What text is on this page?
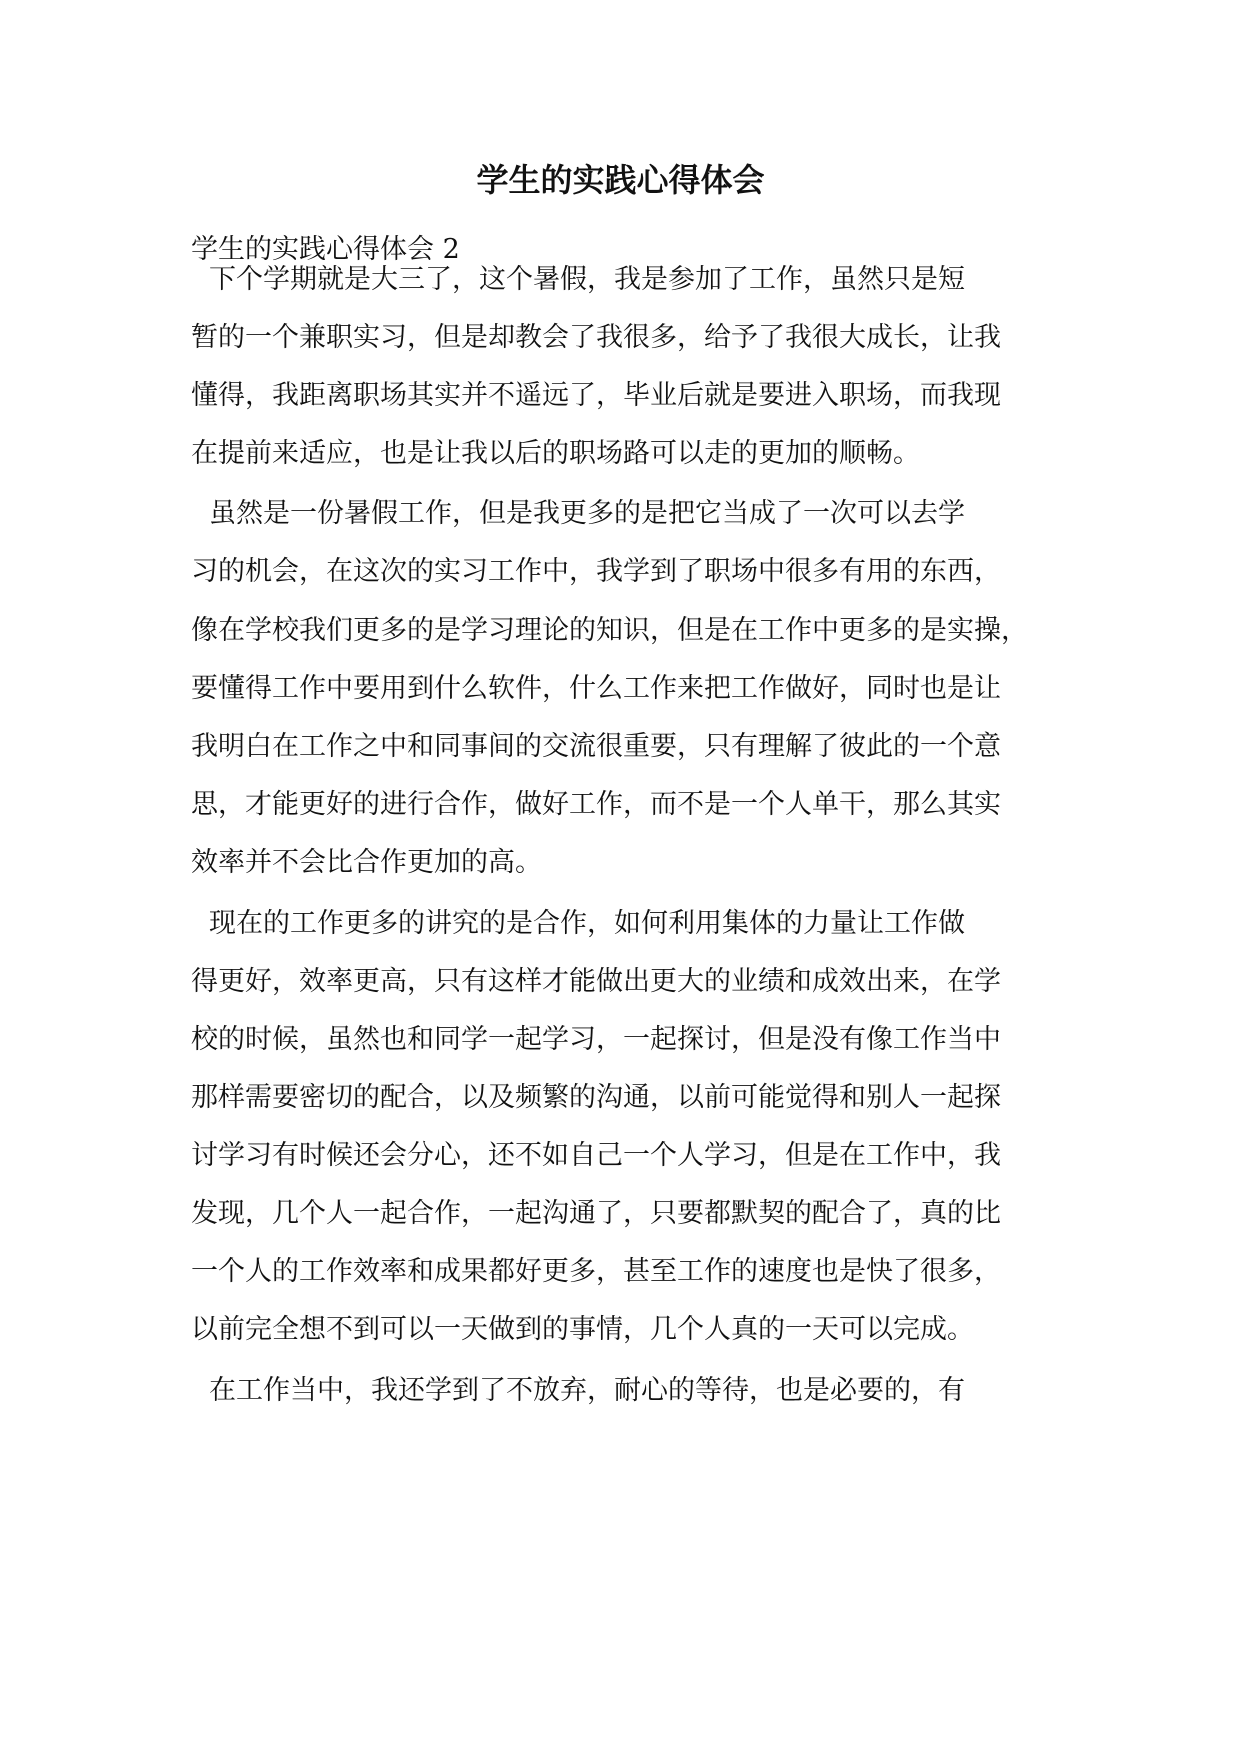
学生的实践心得体会
学生的实践心得体会 2
下个学期就是大三了，这个暑假，我是参加了工作，虽然只是短
暂的一个兼职实习，但是却教会了我很多，给予了我很大成长，让我
懂得，我距离职场其实并不遥远了，毕业后就是要进入职场，而我现
在提前来适应，也是让我以后的职场路可以走的更加的顺畅。
虽然是一份暑假工作，但是我更多的是把它当成了一次可以去学
习的机会，在这次的实习工作中，我学到了职场中很多有用的东西，
像在学校我们更多的是学习理论的知识，但是在工作中更多的是实操，
要懂得工作中要用到什么软件，什么工作来把工作做好，同时也是让
我明白在工作之中和同事间的交流很重要，只有理解了彼此的一个意
思，才能更好的进行合作，做好工作，而不是一个人单干，那么其实
效率并不会比合作更加的高。
现在的工作更多的讲究的是合作，如何利用集体的力量让工作做
得更好，效率更高，只有这样才能做出更大的业绩和成效出来，在学
校的时候，虽然也和同学一起学习，一起探讨，但是没有像工作当中
那样需要密切的配合，以及频繁的沟通，以前可能觉得和别人一起探
讨学习有时候还会分心，还不如自己一个人学习，但是在工作中，我
发现，几个人一起合作，一起沟通了，只要都默契的配合了，真的比
一个人的工作效率和成果都好更多，甚至工作的速度也是快了很多，
以前完全想不到可以一天做到的事情，几个人真的一天可以完成。
在工作当中，我还学到了不放弃，耐心的等待，也是必要的，有
